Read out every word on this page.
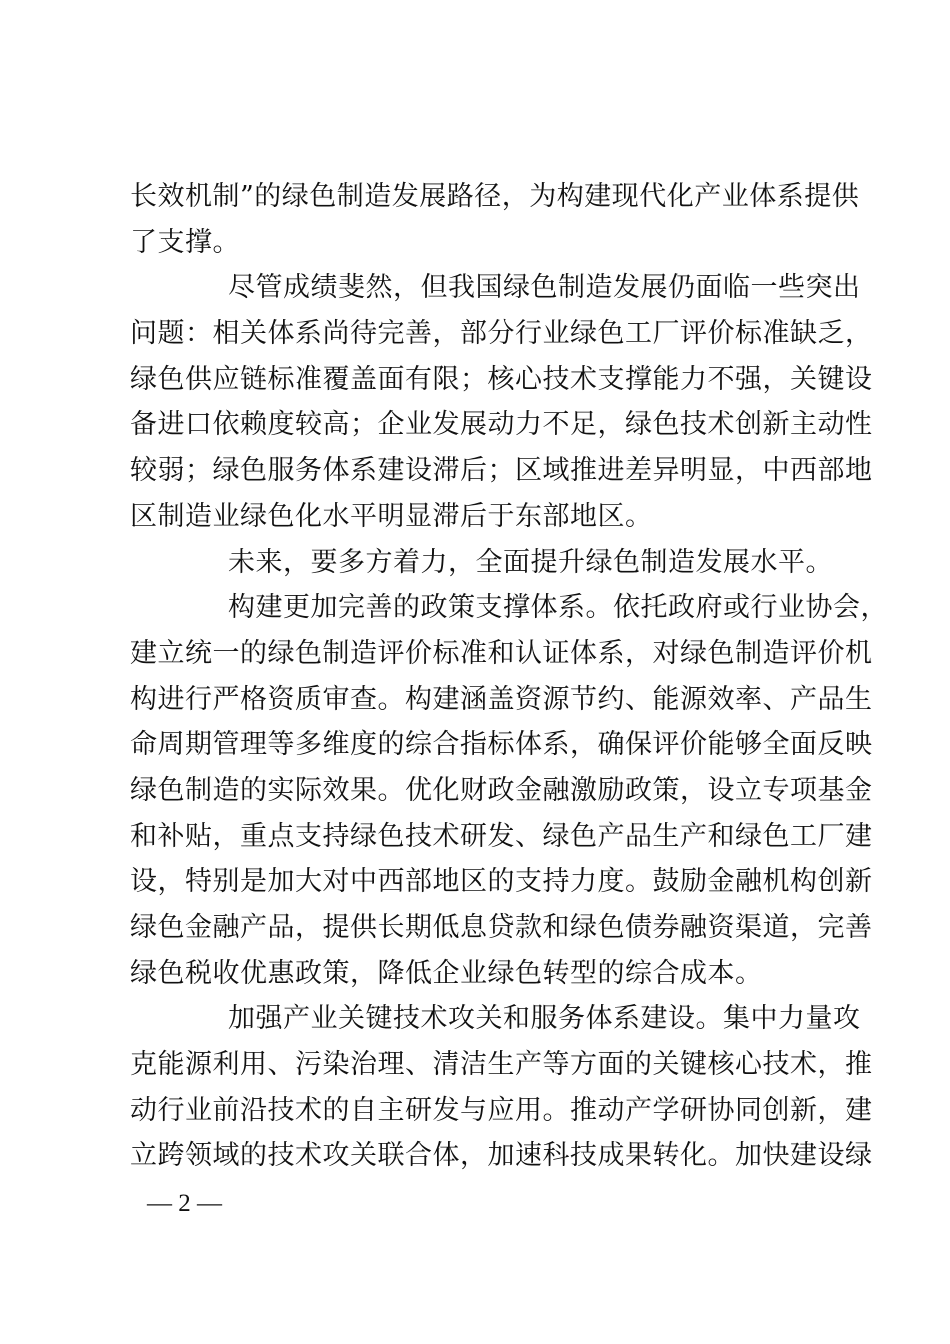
长效机制”的绿色制造发展路径，为构建现代化产业体系提供
了支撑。
尽管成绩斐然，但我国绿色制造发展仍面临一些突出
问题：相关体系尚待完善，部分行业绿色工厂评价标准缺乏，
绿色供应链标准覆盖面有限；核心技术支撑能力不强，关键设
备进口依赖度较高；企业发展动力不足，绿色技术创新主动性
较弱；绿色服务体系建设滞后；区域推进差异明显，中西部地
区制造业绿色化水平明显滞后于东部地区。
未来，要多方着力，全面提升绿色制造发展水平。
构建更加完善的政策支撑体系。依托政府或行业协会，
建立统一的绿色制造评价标准和认证体系，对绿色制造评价机
构进行严格资质审查。构建涵盖资源节约、能源效率、产品生
命周期管理等多维度的综合指标体系，确保评价能够全面反映
绿色制造的实际效果。优化财政金融激励政策，设立专项基金
和补贴，重点支持绿色技术研发、绿色产品生产和绿色工厂建
设，特别是加大对中西部地区的支持力度。鼓励金融机构创新
绿色金融产品，提供长期低息贷款和绿色债券融资渠道，完善
绿色税收优惠政策，降低企业绿色转型的综合成本。
加强产业关键技术攻关和服务体系建设。集中力量攻
克能源利用、污染治理、清洁生产等方面的关键核心技术，推
动行业前沿技术的自主研发与应用。推动产学研协同创新，建
立跨领域的技术攻关联合体，加速科技成果转化。加快建设绿
— 2 —
